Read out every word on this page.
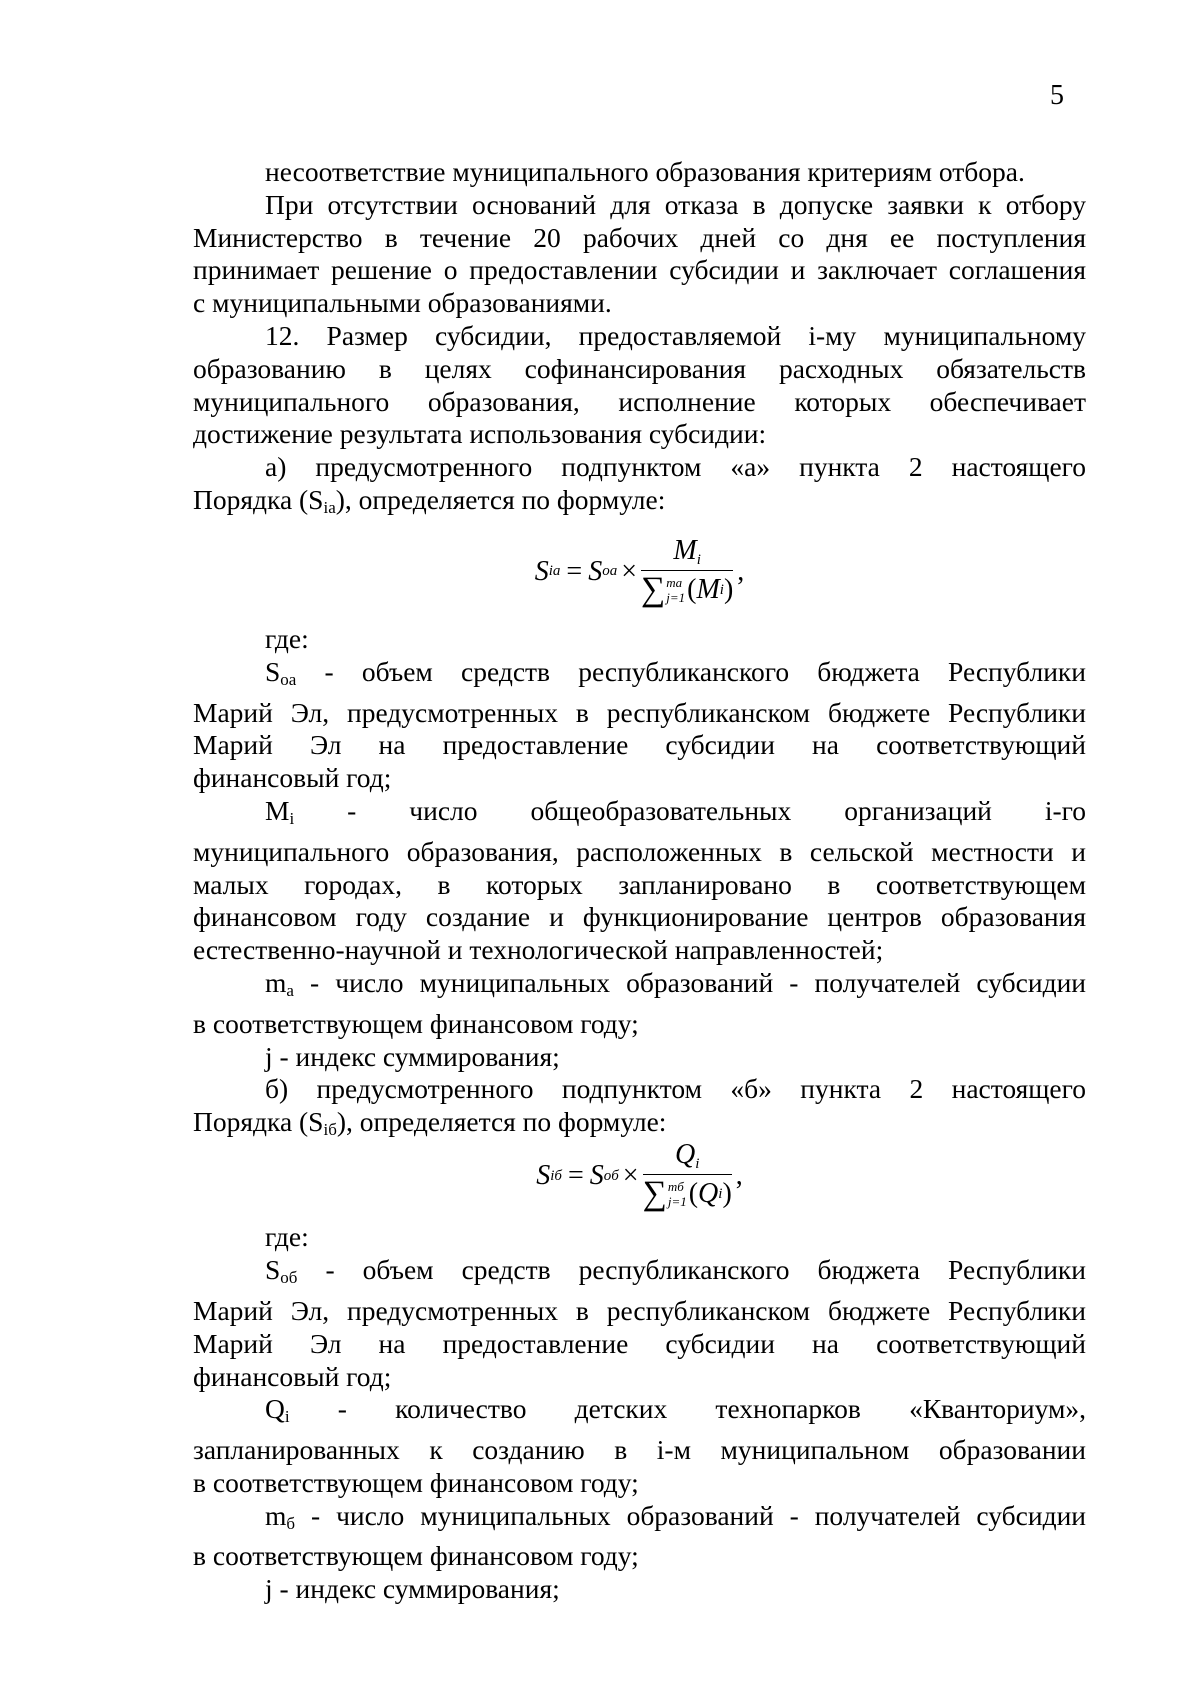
5

несоответствие муниципального образования критериям отбора.

При отсутствии оснований для отказа в допуске заявки к отбору
Министерство в течение 20 рабочих дней со дня ее поступления
принимает решение о предоставлении субсидии и заключает соглашения
с муниципальными образованиями.

12. Размер субсидии, предоставляемой i-му муниципальному
образованию в целях софинансирования расходных обязательств
муниципального образования, исполнение которых обеспечивает
достижение результата использования субсидии:

а) предусмотренного подпунктом «а» пункта 2 настоящего
Порядка $(S_{ia})$, определяется по формуле:

S ia = S oa × $M_i$
∑ ma
j=1 ( M i ) ,

где:

$S_{oa}$ - объем средств республиканского бюджета Республики
Марий Эл, предусмотренных в республиканском бюджете Республики
Марий Эл на предоставление субсидии на соответствующий
финансовый год;

$M_i$ - число общеобразовательных организаций i-го
муниципального образования, расположенных в сельской местности и
малых городах, в которых запланировано в соответствующем
финансовом году создание и функционирование центров образования
естественно-научной и технологической направленностей;

$m_a$ - число муниципальных образований - получателей субсидии
в соответствующем финансовом году;

j - индекс суммирования;

б) предусмотренного подпунктом «б» пункта 2 настоящего
Порядка $(S_{iб})$, определяется по формуле:

S iб = S oб × $Q_i$
∑ mб
j=1 ( Q i ) ,

где:

$S_{oб}$ - объем средств республиканского бюджета Республики
Марий Эл, предусмотренных в республиканском бюджете Республики
Марий Эл на предоставление субсидии на соответствующий
финансовый год;

$Q_i$ - количество детских технопарков «Кванториум»,
запланированных к созданию в i-м муниципальном образовании
в соответствующем финансовом году;

$m_б$ - число муниципальных образований - получателей субсидии
в соответствующем финансовом году;

j - индекс суммирования;
